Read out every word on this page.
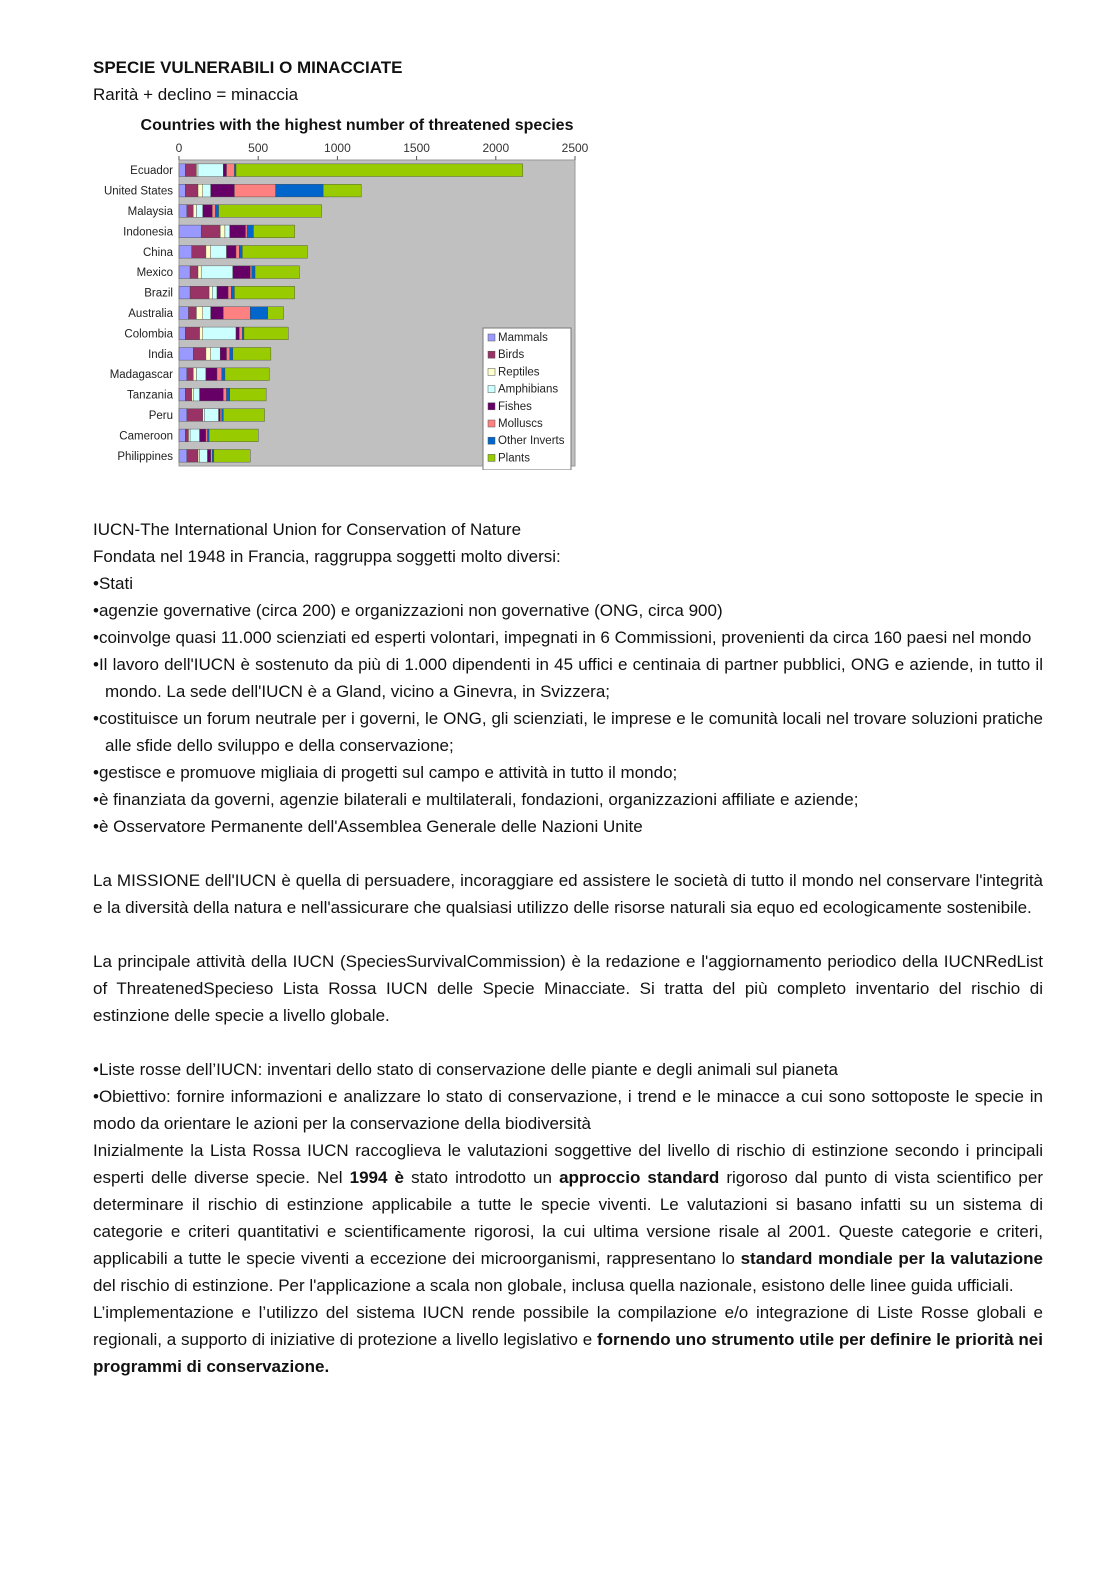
SPECIE VULNERABILI O MINACCIATE
Rarità + declino = minaccia
Countries with the highest number of threatened species
0	500	1000	1500	2000	2500
Ecuador
United States
Malaysia
Indonesia
China
Mexico
Brazil
Australia
Colombia
India
Madagascar
Tanzania
Peru
Cameroon
Philippines
Mammals
Birds
Reptiles
Amphibians
Fishes
Molluscs
Other Inverts
Plants
IUCN-The International Union for Conservation of Nature
Fondata nel 1948 in Francia, raggruppa soggetti molto diversi:

•Stati

•agenzie governative (circa 200) e organizzazioni non governative (ONG, circa 900)

•coinvolge quasi 11.000 scienziati ed esperti volontari, impegnati in 6 Commissioni, provenienti da circa 160 paesi nel mondo

•Il lavoro dell'IUCN è sostenuto da più di 1.000 dipendenti in 45 uffici e centinaia di partner pubblici, ONG e aziende, in tutto il mondo. La sede dell'IUCN è a Gland, vicino a Ginevra, in Svizzera;

•costituisce un forum neutrale per i governi, le ONG, gli scienziati, le imprese e le comunità locali nel trovare soluzioni pratiche alle sfide dello sviluppo e della conservazione;

•gestisce e promuove migliaia di progetti sul campo e attività in tutto il mondo;

•è finanziata da governi, agenzie bilaterali e multilaterali, fondazioni, organizzazioni affiliate e aziende;

•è Osservatore Permanente dell'Assemblea Generale delle Nazioni Unite

La MISSIONE dell'IUCN è quella di persuadere, incoraggiare ed assistere le società di tutto il mondo nel conservare l'integrità e la diversità della natura e nell'assicurare che qualsiasi utilizzo delle risorse naturali sia equo ed ecologicamente sostenibile.

La principale attività della IUCN (SpeciesSurvivalCommission) è la redazione e l'aggiornamento periodico della IUCNRedList of ThreatenedSpecieso Lista Rossa IUCN delle Specie Minacciate. Si tratta del più completo inventario del rischio di estinzione delle specie a livello globale.

•Liste rosse dell’IUCN: inventari dello stato di conservazione delle piante e degli animali sul pianeta

•Obiettivo: fornire informazioni e analizzare lo stato di conservazione, i trend e le minacce a cui sono sottoposte le specie in modo da orientare le azioni per la conservazione della biodiversità

Inizialmente la Lista Rossa IUCN raccoglieva le valutazioni soggettive del livello di rischio di estinzione secondo i principali esperti delle diverse specie. Nel 1994 è stato introdotto un approccio standard rigoroso dal punto di vista scientifico per determinare il rischio di estinzione applicabile a tutte le specie viventi. Le valutazioni si basano infatti su un sistema di categorie e criteri quantitativi e scientificamente rigorosi, la cui ultima versione risale al 2001. Queste categorie e criteri, applicabili a tutte le specie viventi a eccezione dei microorganismi, rappresentano lo standard mondiale per la valutazione del rischio di estinzione. Per l'applicazione a scala non globale, inclusa quella nazionale, esistono delle linee guida ufficiali.

L’implementazione e l’utilizzo del sistema IUCN rende possibile la compilazione e/o integrazione di Liste Rosse globali e regionali, a supporto di iniziative di protezione a livello legislativo e fornendo uno strumento utile per definire le priorità nei programmi di conservazione.
